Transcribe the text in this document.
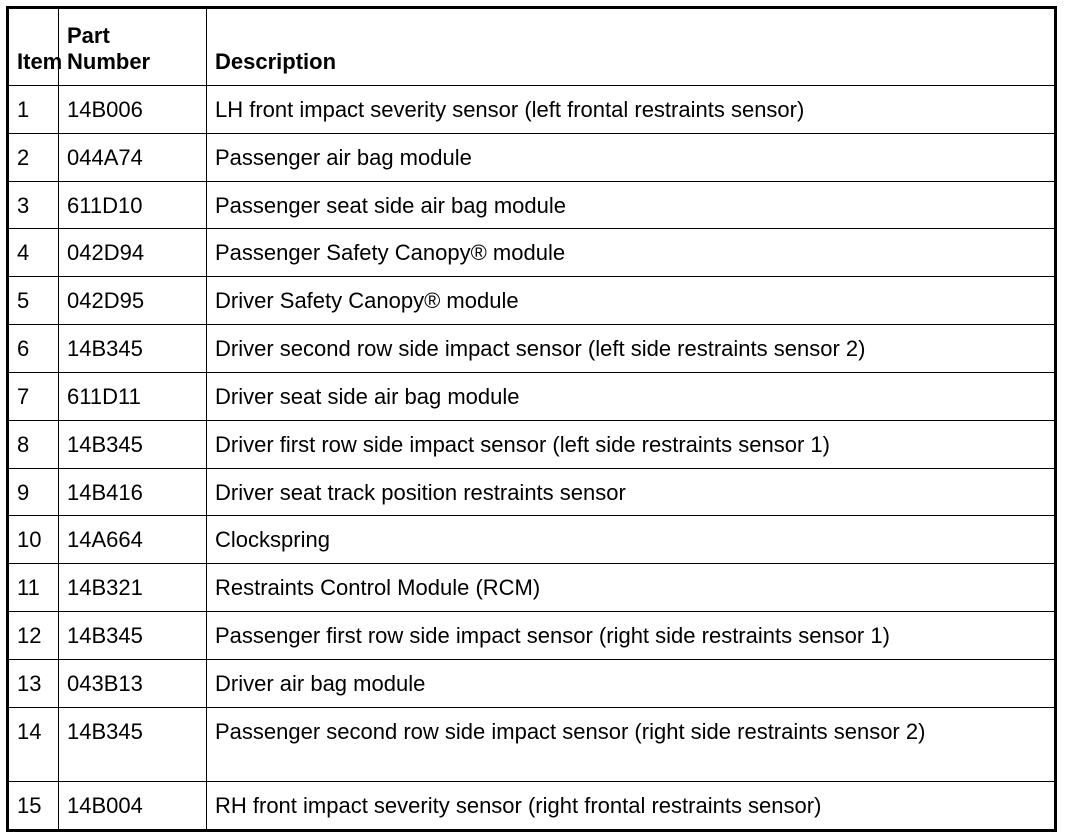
Item	Part Number	Description
1	14B006	LH front impact severity sensor (left frontal restraints sensor)
2	044A74	Passenger air bag module
3	611D10	Passenger seat side air bag module
4	042D94	Passenger Safety Canopy® module
5	042D95	Driver Safety Canopy® module
6	14B345	Driver second row side impact sensor (left side restraints sensor 2)
7	611D11	Driver seat side air bag module
8	14B345	Driver first row side impact sensor (left side restraints sensor 1)
9	14B416	Driver seat track position restraints sensor
10	14A664	Clockspring
11	14B321	Restraints Control Module (RCM)
12	14B345	Passenger first row side impact sensor (right side restraints sensor 1)
13	043B13	Driver air bag module
14	14B345	Passenger second row side impact sensor (right side restraints sensor 2)
15	14B004	RH front impact severity sensor (right frontal restraints sensor)
